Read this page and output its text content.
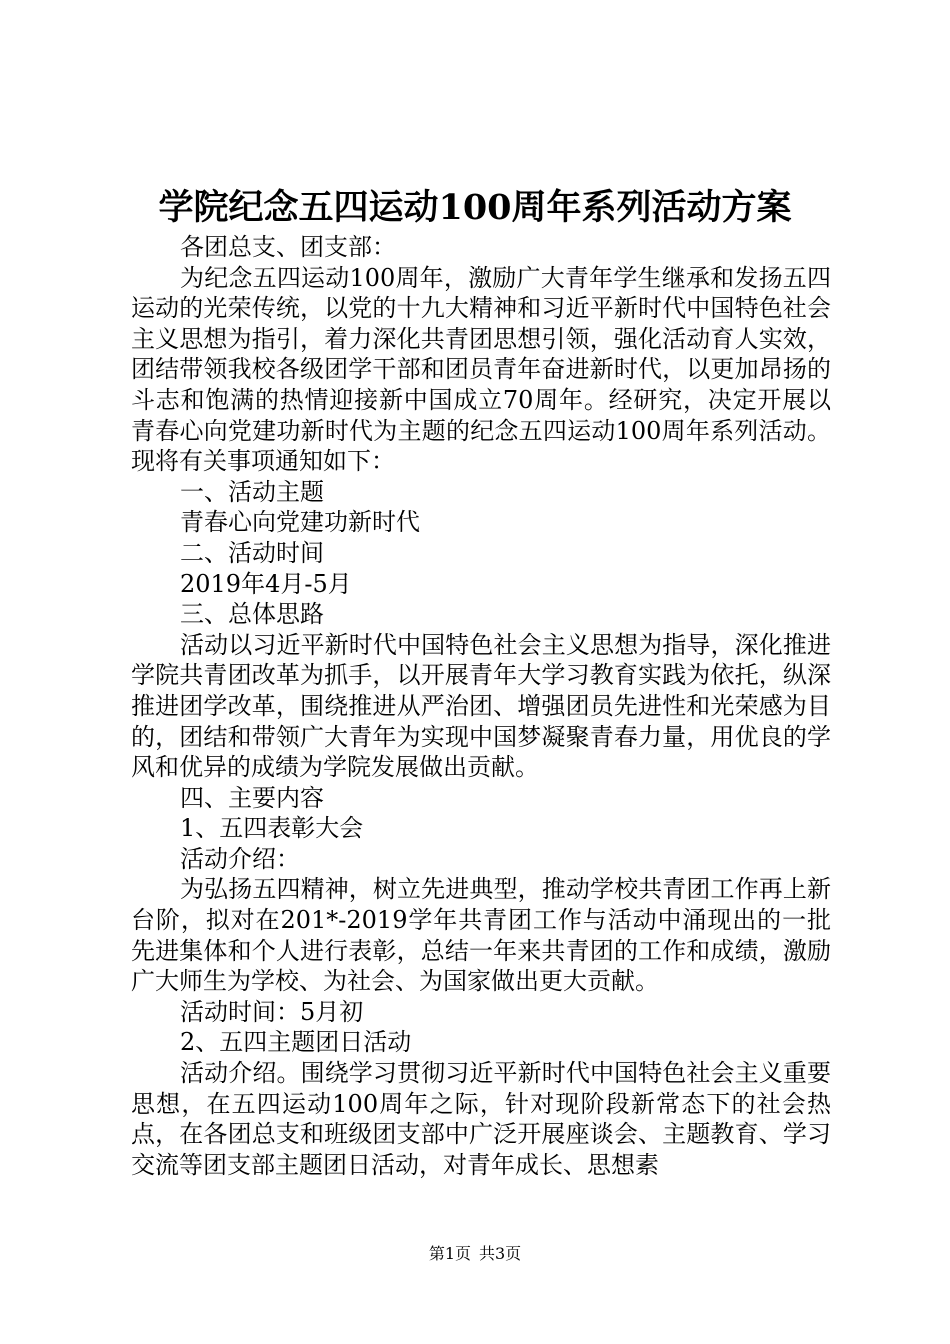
学院纪念五四运动100周年系列活动方案

各团总支、团支部：

为纪念五四运动100周年，激励广大青年学生继承和发扬五四运动的光荣传统，以党的十九大精神和习近平新时代中国特色社会主义思想为指引，着力深化共青团思想引领，强化活动育人实效，团结带领我校各级团学干部和团员青年奋进新时代，以更加昂扬的斗志和饱满的热情迎接新中国成立70周年。经研究，决定开展以青春心向党建功新时代为主题的纪念五四运动100周年系列活动。现将有关事项通知如下：

一、活动主题

青春心向党建功新时代

二、活动时间

2019年4月-5月

三、总体思路

活动以习近平新时代中国特色社会主义思想为指导，深化推进学院共青团改革为抓手，以开展青年大学习教育实践为依托，纵深推进团学改革，围绕推进从严治团、增强团员先进性和光荣感为目的，团结和带领广大青年为实现中国梦凝聚青春力量，用优良的学风和优异的成绩为学院发展做出贡献。

四、主要内容

1、五四表彰大会

活动介绍：

为弘扬五四精神，树立先进典型，推动学校共青团工作再上新台阶，拟对在201*-2019学年共青团工作与活动中涌现出的一批先进集体和个人进行表彰，总结一年来共青团的工作和成绩，激励广大师生为学校、为社会、为国家做出更大贡献。

活动时间：5月初

2、五四主题团日活动

活动介绍。围绕学习贯彻习近平新时代中国特色社会主义重要思想，在五四运动100周年之际，针对现阶段新常态下的社会热点，在各团总支和班级团支部中广泛开展座谈会、主题教育、学习交流等团支部主题团日活动，对青年成长、思想素

第1页 共3页
